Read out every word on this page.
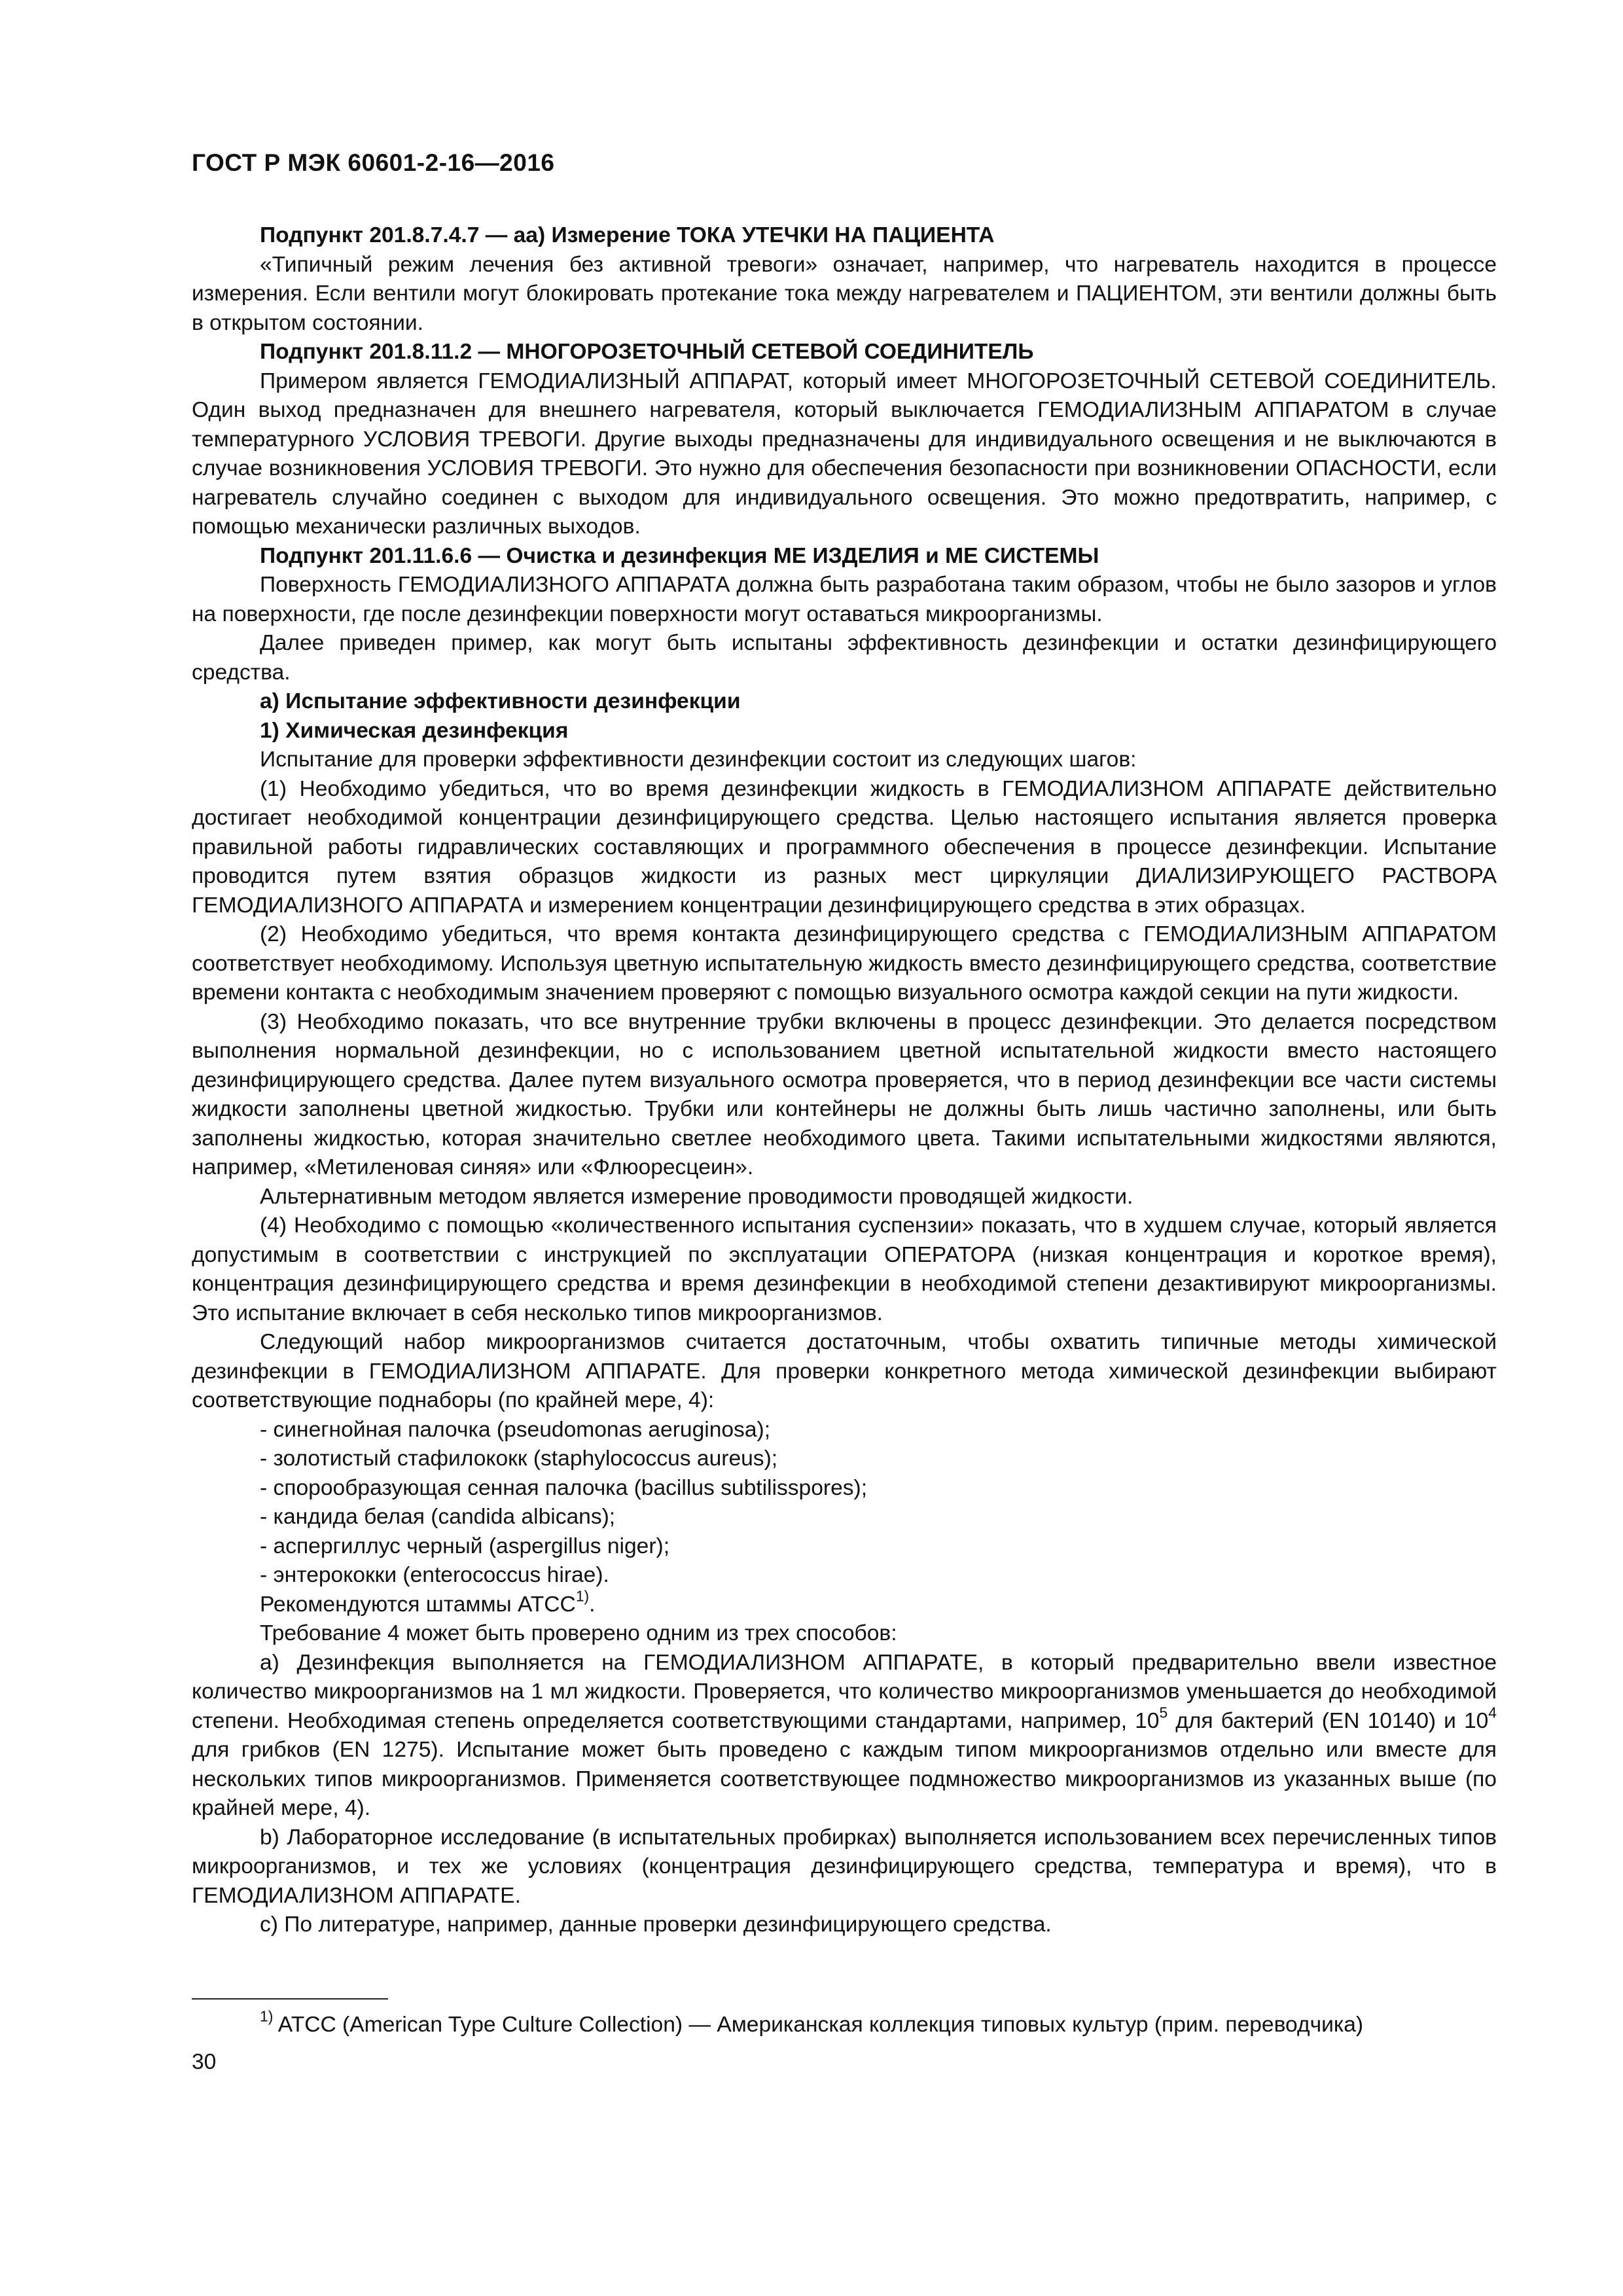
ГОСТ Р МЭК 60601-2-16—2016

Подпункт 201.8.7.4.7 — aa) Измерение ТОКА УТЕЧКИ НА ПАЦИЕНТА

«Типичный режим лечения без активной тревоги» означает, например, что нагреватель находится в процессе измерения. Если вентили могут блокировать протекание тока между нагревателем и ПАЦИЕНТОМ, эти вентили должны быть в открытом состоянии.

Подпункт 201.8.11.2 — МНОГОРОЗЕТОЧНЫЙ СЕТЕВОЙ СОЕДИНИТЕЛЬ

Примером является ГЕМОДИАЛИЗНЫЙ АППАРАТ, который имеет МНОГОРОЗЕТОЧНЫЙ СЕТЕВОЙ СОЕДИНИТЕЛЬ. Один выход предназначен для внешнего нагревателя, который выключается ГЕМОДИАЛИЗНЫМ АППАРАТОМ в случае температурного УСЛОВИЯ ТРЕВОГИ. Другие выходы предназначены для индивидуального освещения и не выключаются в случае возникновения УСЛОВИЯ ТРЕВОГИ. Это нужно для обеспечения безопасности при возникновении ОПАСНОСТИ, если нагреватель случайно соединен с выходом для индивидуального освещения. Это можно предотвратить, например, с помощью механически различных выходов.

Подпункт 201.11.6.6 — Очистка и дезинфекция МЕ ИЗДЕЛИЯ и МЕ СИСТЕМЫ

Поверхность ГЕМОДИАЛИЗНОГО АППАРАТА должна быть разработана таким образом, чтобы не было зазоров и углов на поверхности, где после дезинфекции поверхности могут оставаться микроорганизмы.

Далее приведен пример, как могут быть испытаны эффективность дезинфекции и остатки дезинфицирующего средства.

a) Испытание эффективности дезинфекции

1) Химическая дезинфекция

Испытание для проверки эффективности дезинфекции состоит из следующих шагов:

(1) Необходимо убедиться, что во время дезинфекции жидкость в ГЕМОДИАЛИЗНОМ АППАРАТЕ действительно достигает необходимой концентрации дезинфицирующего средства. Целью настоящего испытания является проверка правильной работы гидравлических составляющих и программного обеспечения в процессе дезинфекции. Испытание проводится путем взятия образцов жидкости из разных мест циркуляции ДИАЛИЗИРУЮЩЕГО РАСТВОРА ГЕМОДИАЛИЗНОГО АППАРАТА и измерением концентрации дезинфицирующего средства в этих образцах.

(2) Необходимо убедиться, что время контакта дезинфицирующего средства с ГЕМОДИАЛИЗНЫМ АППАРАТОМ соответствует необходимому. Используя цветную испытательную жидкость вместо дезинфицирующего средства, соответствие времени контакта с необходимым значением проверяют с помощью визуального осмотра каждой секции на пути жидкости.

(3) Необходимо показать, что все внутренние трубки включены в процесс дезинфекции. Это делается посредством выполнения нормальной дезинфекции, но с использованием цветной испытательной жидкости вместо настоящего дезинфицирующего средства. Далее путем визуального осмотра проверяется, что в период дезинфекции все части системы жидкости заполнены цветной жидкостью. Трубки или контейнеры не должны быть лишь частично заполнены, или быть заполнены жидкостью, которая значительно светлее необходимого цвета. Такими испытательными жидкостями являются, например, «Метиленовая синяя» или «Флюоресцеин».

Альтернативным методом является измерение проводимости проводящей жидкости.

(4) Необходимо с помощью «количественного испытания суспензии» показать, что в худшем случае, который является допустимым в соответствии с инструкцией по эксплуатации ОПЕРАТОРА (низкая концентрация и короткое время), концентрация дезинфицирующего средства и время дезинфекции в необходимой степени дезактивируют микроорганизмы. Это испытание включает в себя несколько типов микроорганизмов.

Следующий набор микроорганизмов считается достаточным, чтобы охватить типичные методы химической дезинфекции в ГЕМОДИАЛИЗНОМ АППАРАТЕ. Для проверки конкретного метода химической дезинфекции выбирают соответствующие поднаборы (по крайней мере, 4):

- синегнойная палочка (pseudomonas aeruginosa);

- золотистый стафилококк (staphylococcus aureus);

- спорообразующая сенная палочка (bacillus subtilisspores);

- кандида белая (candida albicans);

- аспергиллус черный (aspergillus niger);

- энтерококки (enterococcus hirae).

Рекомендуются штаммы АТСС$^{1)}$.

Требование 4 может быть проверено одним из трех способов:

a) Дезинфекция выполняется на ГЕМОДИАЛИЗНОМ АППАРАТЕ, в который предварительно ввели известное количество микроорганизмов на 1 мл жидкости. Проверяется, что количество микроорганизмов уменьшается до необходимой степени. Необходимая степень определяется соответствующими стандартами, например, $10^5$ для бактерий (EN 10140) и $10^4$ для грибков (EN 1275). Испытание может быть проведено с каждым типом микроорганизмов отдельно или вместе для нескольких типов микроорганизмов. Применяется соответствующее подмножество микроорганизмов из указанных выше (по крайней мере, 4).

b) Лабораторное исследование (в испытательных пробирках) выполняется использованием всех перечисленных типов микроорганизмов, и тех же условиях (концентрация дезинфицирующего средства, температура и время), что в ГЕМОДИАЛИЗНОМ АППАРАТЕ.

c) По литературе, например, данные проверки дезинфицирующего средства.

$^{1)}$ ATCC (American Type Culture Collection) — Американская коллекция типовых культур (прим. переводчика)

30
